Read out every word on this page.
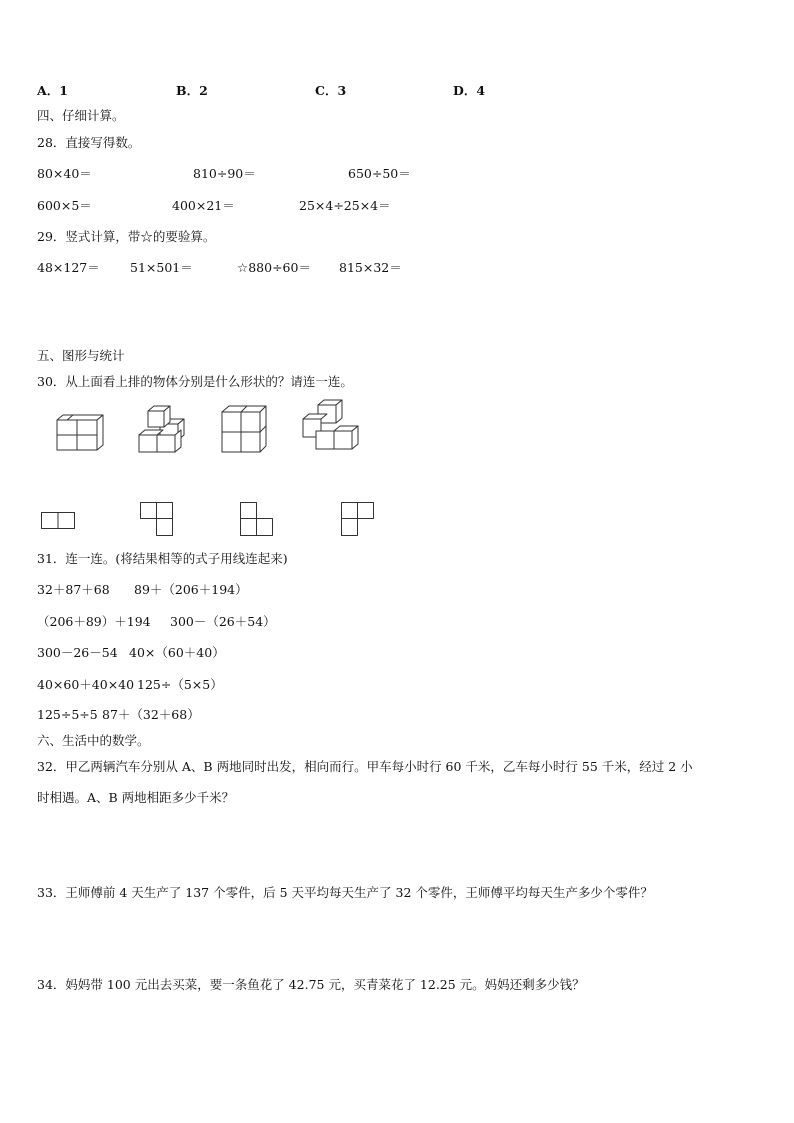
A．1	B．2	C．3	D．4
四、仔细计算。
28．直接写得数。
80×40＝	810÷90＝	650÷50＝
600×5＝	400×21＝	25×4÷25×4＝
29．竖式计算，带☆的要验算。
48×127＝ 51×501＝	☆880÷60＝ 815×32＝
五、图形与统计
30．从上面看上排的物体分别是什么形状的？请连一连。
31．连一连。(将结果相等的式子用线连起来)
32＋87＋68 89＋（206＋194）
（206＋89）＋194 300－（26＋54）
300－26－54 40×（60＋40）
40×60＋40×40 125÷（5×5）
125÷5÷5 87＋（32＋68）
六、生活中的数学。
32．甲乙两辆汽车分别从 A、B 两地同时出发，相向而行。甲车每小时行 60 千米，乙车每小时行 55 千米，经过 2 小
时相遇。A、B 两地相距多少千米？
33．王师傅前 4 天生产了 137 个零件，后 5 天平均每天生产了 32 个零件，王师傅平均每天生产多少个零件？
34．妈妈带 100 元出去买菜，要一条鱼花了 42.75 元，买青菜花了 12.25 元。妈妈还剩多少钱？
